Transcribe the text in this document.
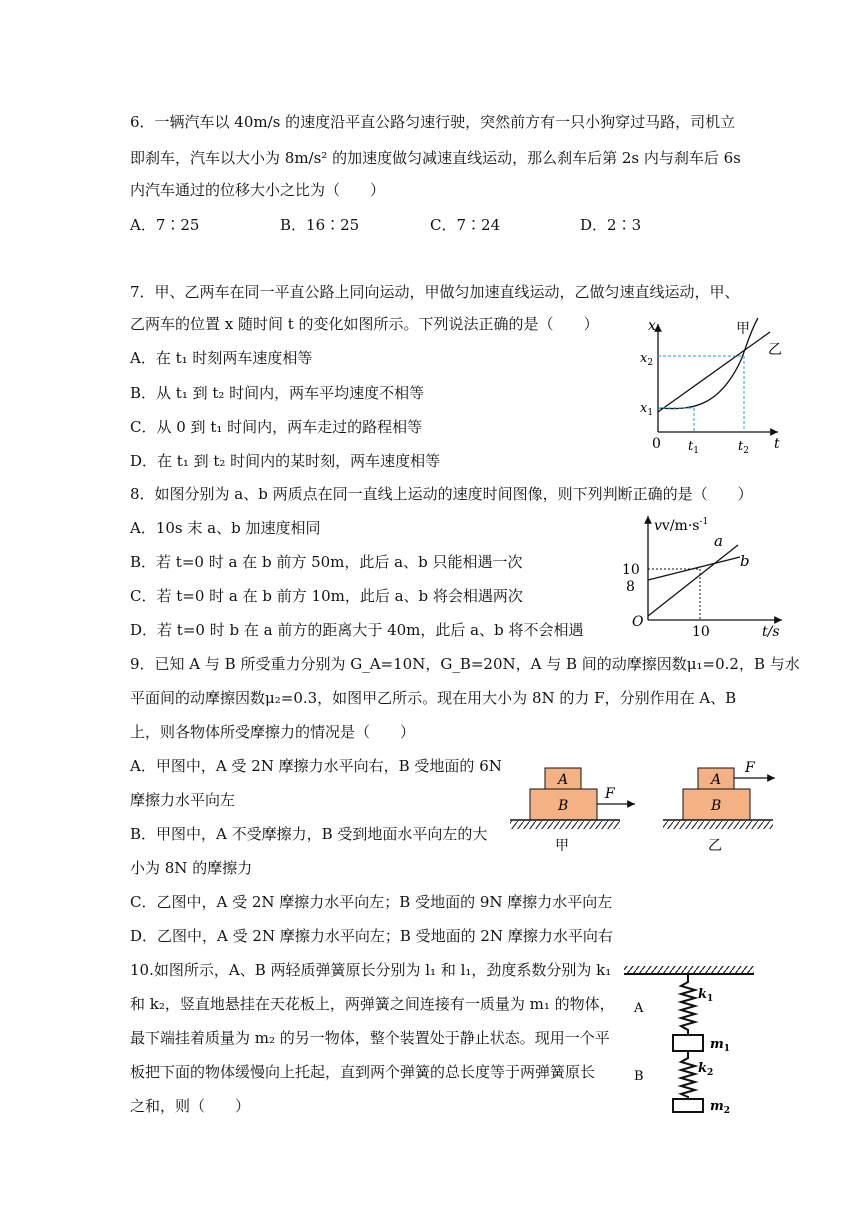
6．一辆汽车以 40m/s 的速度沿平直公路匀速行驶，突然前方有一只小狗穿过马路，司机立
即刹车，汽车以大小为 8m/s² 的加速度做匀减速直线运动，那么刹车后第 2s 内与刹车后 6s
内汽车通过的位移大小之比为（　　）
A．7∶25	B．16∶25	C．7∶24	D．2∶3
7．甲、乙两车在同一平直公路上同向运动，甲做匀加速直线运动，乙做匀速直线运动，甲、
乙两车的位置 x 随时间 t 的变化如图所示。下列说法正确的是（　　）
A．在 t₁ 时刻两车速度相等
B．从 t₁ 到 t₂ 时间内，两车平均速度不相等
C．从 0 到 t₁ 时间内，两车走过的路程相等
D．在 t₁ 到 t₂ 时间内的某时刻，两车速度相等
x
t
0
甲
乙
$x_2$
$x_1$
$t_1$	$t_2$
8．如图分别为 a、b 两质点在同一直线上运动的速度时间图像，则下列判断正确的是（　　）
A．10s 末 a、b 加速度相同
B．若 t=0 时 a 在 b 前方 50m，此后 a、b 只能相遇一次
C．若 t=0 时 a 在 b 前方 10m，此后 a、b 将会相遇两次
D．若 t=0 时 b 在 a 前方的距离大于 40m，此后 a、b 将不会相遇
$vv/m\cdot s^{-1}$
t/s
O
10
8
10
a
b
9．已知 A 与 B 所受重力分别为 G_A=10N，G_B=20N，A 与 B 间的动摩擦因数μ₁=0.2，B 与水
平面间的动摩擦因数μ₂=0.3，如图甲乙所示。现在用大小为 8N 的力 F，分别作用在 A、B
上，则各物体所受摩擦力的情况是（　　）
A．甲图中，A 受 2N 摩擦力水平向右，B 受地面的 6N
摩擦力水平向左
B．甲图中，A 不受摩擦力，B 受到地面水平向左的大
小为 8N 的摩擦力
C．乙图中，A 受 2N 摩擦力水平向左；B 受地面的 9N 摩擦力水平向左
D．乙图中，A 受 2N 摩擦力水平向左；B 受地面的 2N 摩擦力水平向右
A
B
F
甲
A
B
F
乙
10.如图所示，A、B 两轻质弹簧原长分别为 l₁ 和 l₁，劲度系数分别为 k₁
和 k₂，竖直地悬挂在天花板上，两弹簧之间连接有一质量为 m₁ 的物体，
最下端挂着质量为 m₂ 的另一物体，整个装置处于静止状态。现用一个平
板把下面的物体缓慢向上托起，直到两个弹簧的总长度等于两弹簧原长
之和，则（　　）
A
$k_1$
$m_1$
B
$k_2$
$m_2$
